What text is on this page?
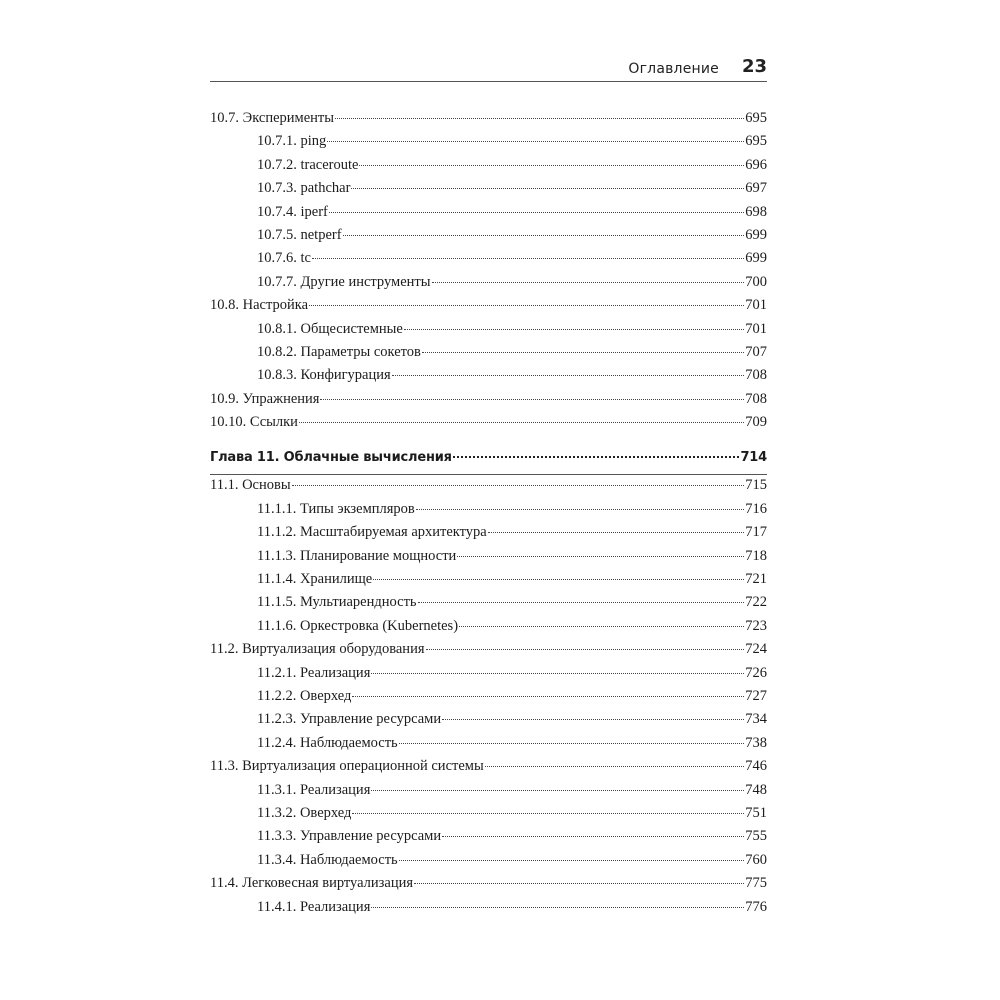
Оглавление 23
10.7. Эксперименты	695
10.7.1. ping	695
10.7.2. traceroute	696
10.7.3. pathchar	697
10.7.4. iperf	698
10.7.5. netperf	699
10.7.6. tc	699
10.7.7. Другие инструменты	700
10.8. Настройка	701
10.8.1. Общесистемные	701
10.8.2. Параметры сокетов	707
10.8.3. Конфигурация	708
10.9. Упражнения	708
10.10. Ссылки	709
Глава 11. Облачные вычисления	714
11.1. Основы	715
11.1.1. Типы экземпляров	716
11.1.2. Масштабируемая архитектура	717
11.1.3. Планирование мощности	718
11.1.4. Хранилище	721
11.1.5. Мультиарендность	722
11.1.6. Оркестровка (Kubernetes)	723
11.2. Виртуализация оборудования	724
11.2.1. Реализация	726
11.2.2. Оверхед	727
11.2.3. Управление ресурсами	734
11.2.4. Наблюдаемость	738
11.3. Виртуализация операционной системы	746
11.3.1. Реализация	748
11.3.2. Оверхед	751
11.3.3. Управление ресурсами	755
11.3.4. Наблюдаемость	760
11.4. Легковесная виртуализация	775
11.4.1. Реализация	776
